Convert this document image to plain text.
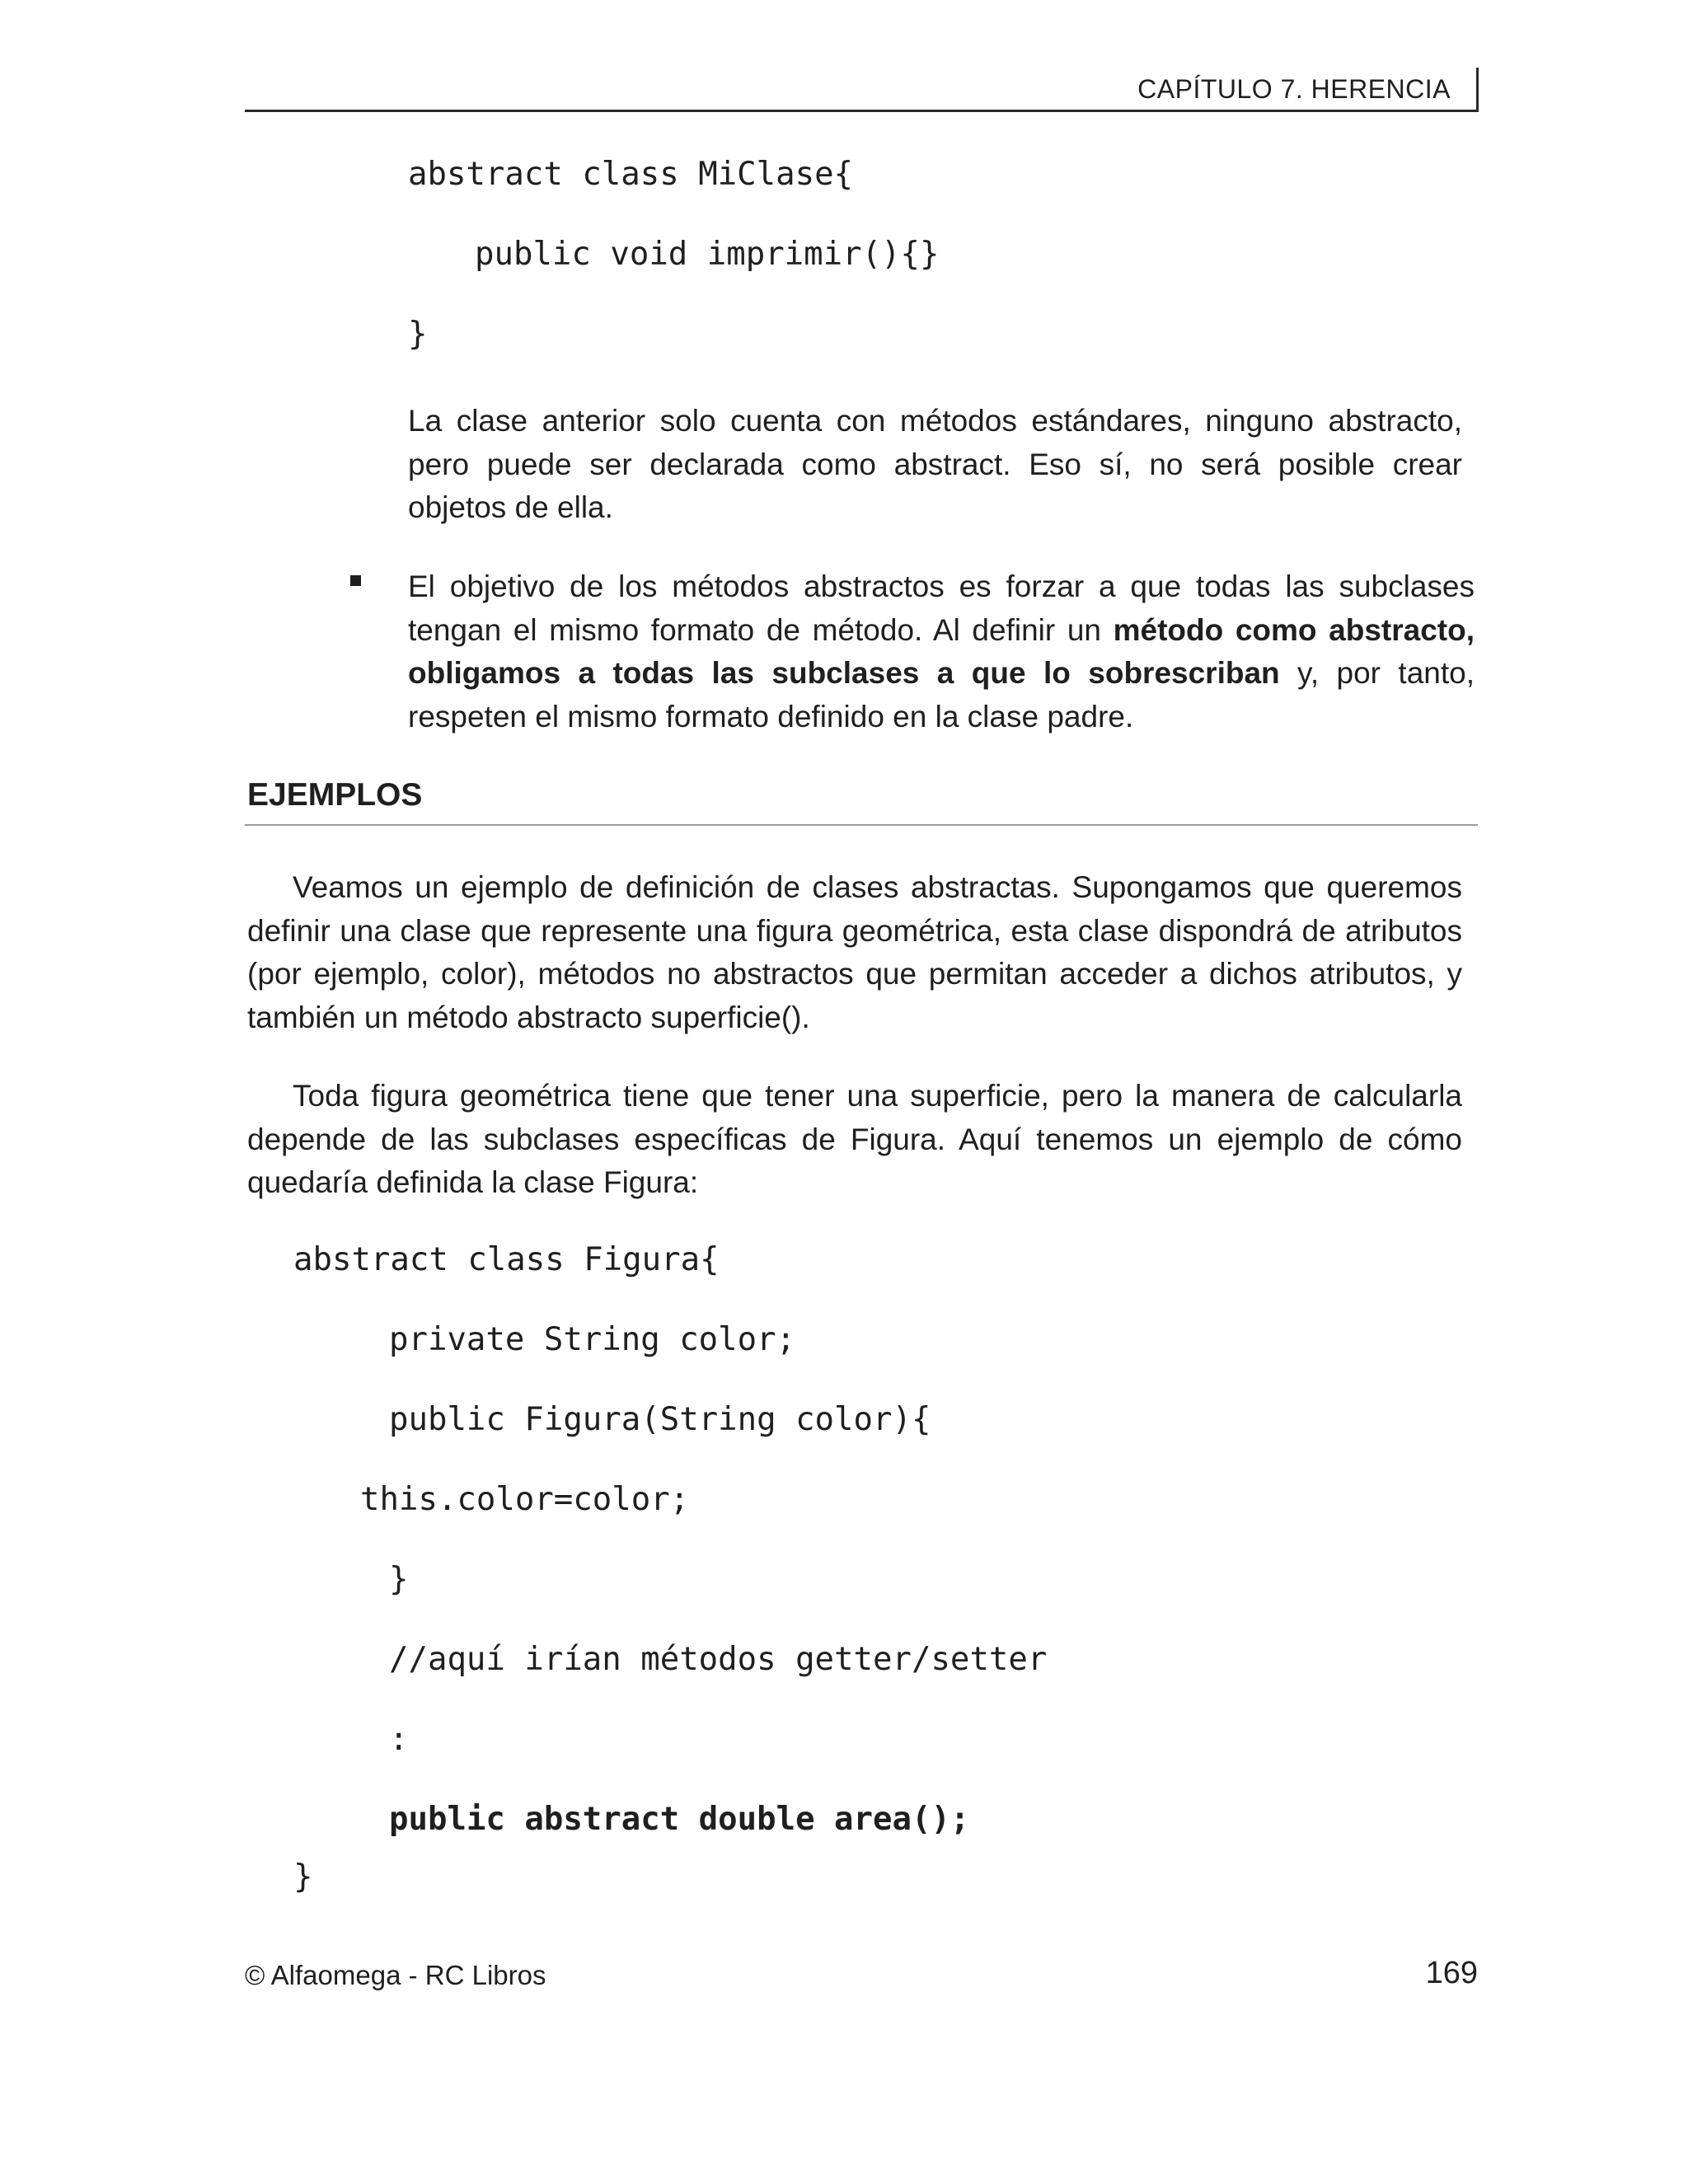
CAPÍTULO 7. HERENCIA
abstract class MiClase{
public void imprimir(){}
}
La clase anterior solo cuenta con métodos estándares, ninguno abstracto, pero puede ser declarada como abstract. Eso sí, no será posible crear objetos de ella.
El objetivo de los métodos abstractos es forzar a que todas las subclases tengan el mismo formato de método. Al definir un método como abstracto, obligamos a todas las subclases a que lo sobrescriban y, por tanto, respeten el mismo formato definido en la clase padre.
EJEMPLOS
Veamos un ejemplo de definición de clases abstractas. Supongamos que queremos definir una clase que represente una figura geométrica, esta clase dispondrá de atributos (por ejemplo, color), métodos no abstractos que permitan acceder a dichos atributos, y también un método abstracto superficie().
Toda figura geométrica tiene que tener una superficie, pero la manera de calcularla depende de las subclases específicas de Figura. Aquí tenemos un ejemplo de cómo quedaría definida la clase Figura:
abstract class Figura{
private String color;
public Figura(String color){
this.color=color;
}
//aquí irían métodos getter/setter
:
public abstract double area();
}
© Alfaomega - RC Libros	169
